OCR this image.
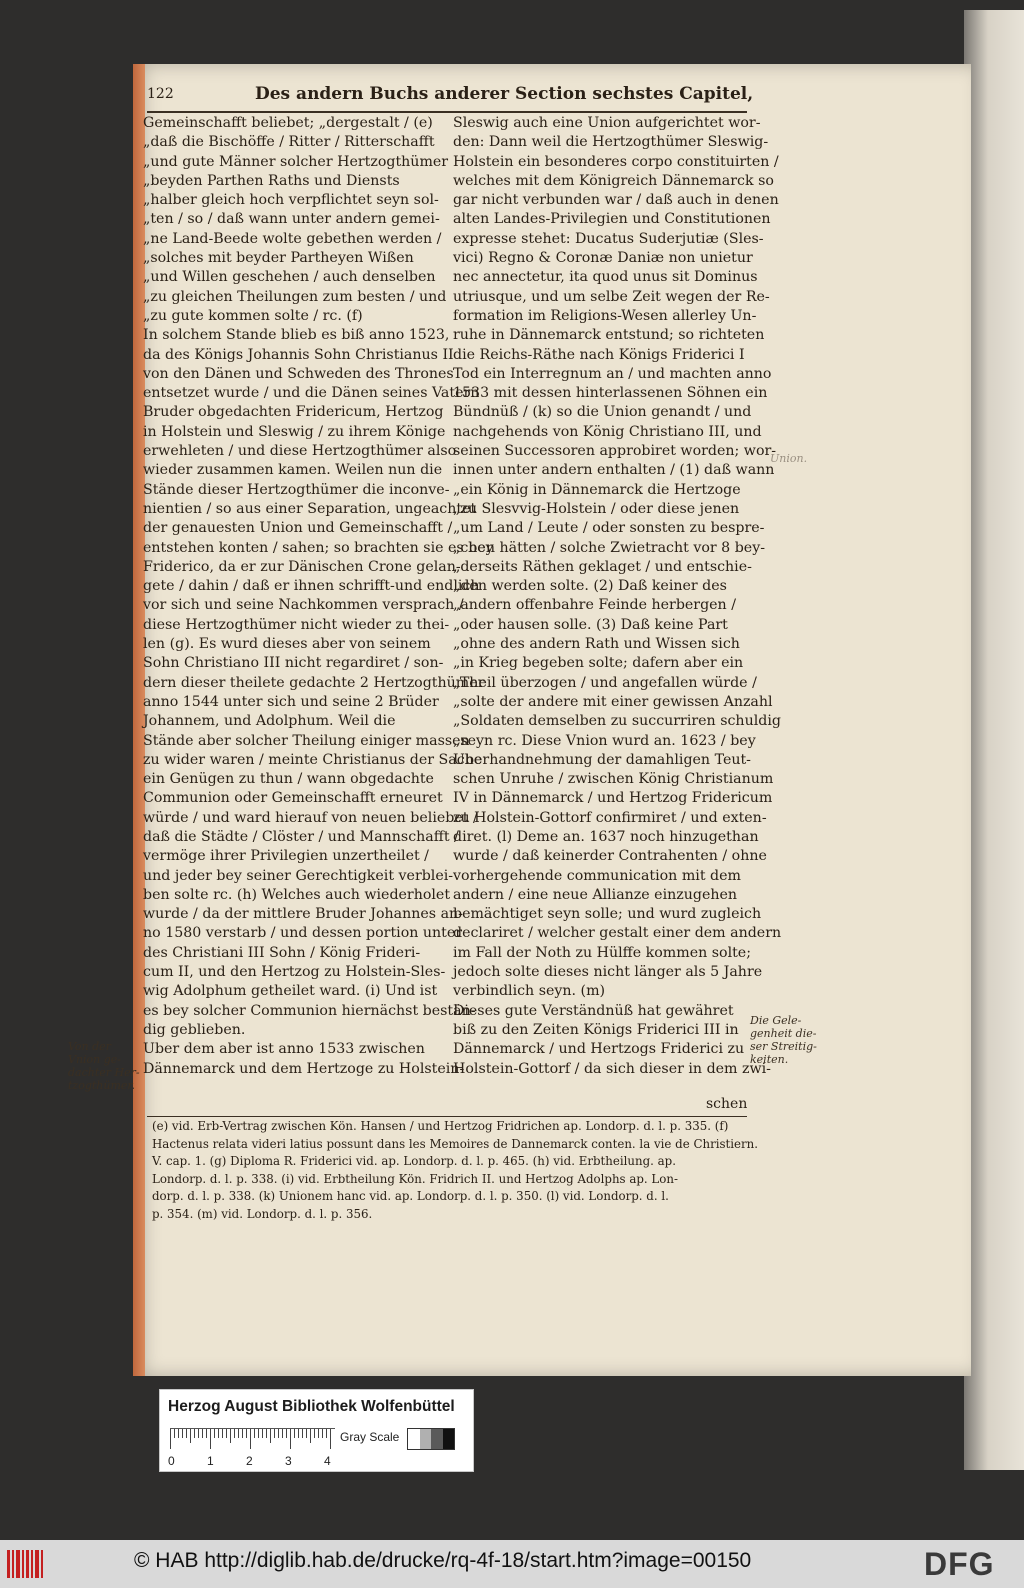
122	Des andern Buchs anderer Section sechstes Capitel,
Gemeinschafft beliebet; „dergestalt / (e)
„daß die Bischöffe / Ritter / Ritterschafft
„und gute Männer solcher Hertzogthümer
„beyden Parthen Raths und Diensts
„halber gleich hoch verpflichtet seyn sol-
„ten / so / daß wann unter andern gemei-
„ne Land-Beede wolte gebethen werden /
„solches mit beyder Partheyen Wißen
„und Willen geschehen / auch denselben
„zu gleichen Theilungen zum besten / und
„zu gute kommen solte / rc. (f)
In solchem Stande blieb es biß anno 1523,
da des Königs Johannis Sohn Christianus II
von den Dänen und Schweden des Thrones
entsetzet wurde / und die Dänen seines Vatern
Bruder obgedachten Fridericum, Hertzog
in Holstein und Sleswig / zu ihrem Könige
erwehleten / und diese Hertzogthümer also
wieder zusammen kamen. Weilen nun die
Stände dieser Hertzogthümer die inconve-
nientien / so aus einer Separation, ungeachtet
der genauesten Union und Gemeinschafft /
entstehen konten / sahen; so brachten sie es bey
Friderico, da er zur Dänischen Crone gelan-
gete / dahin / daß er ihnen schrifft-und endlich
vor sich und seine Nachkommen versprach /
diese Hertzogthümer nicht wieder zu thei-
len (g). Es wurd dieses aber von seinem
Sohn Christiano III nicht regardiret / son-
dern dieser theilete gedachte 2 Hertzogthümer
anno 1544 unter sich und seine 2 Brüder
Johannem, und Adolphum. Weil die
Stände aber solcher Theilung einiger massen
zu wider waren / meinte Christianus der Sache
ein Genügen zu thun / wann obgedachte
Communion oder Gemeinschafft erneuret
würde / und ward hierauf von neuen beliebet /
daß die Städte / Clöster / und Mannschafft /
vermöge ihrer Privilegien unzertheilet /
und jeder bey seiner Gerechtigkeit verblei-
ben solte rc. (h) Welches auch wiederholet
wurde / da der mittlere Bruder Johannes an-
no 1580 verstarb / und dessen portion unter
des Christiani III Sohn / König Frideri-
cum II, und den Hertzog zu Holstein-Sles-
wig Adolphum getheilet ward. (i) Und ist
es bey solcher Communion hiernächst bestän-
dig geblieben.
Uber dem aber ist anno 1533 zwischen
Dännemarck und dem Hertzoge zu Holstein-
Sleswig auch eine Union aufgerichtet wor-
den: Dann weil die Hertzogthümer Sleswig-
Holstein ein besonderes corpo constituirten /
welches mit dem Königreich Dännemarck so
gar nicht verbunden war / daß auch in denen
alten Landes-Privilegien und Constitutionen
expresse stehet: Ducatus Suderjutiæ (Sles-
vici) Regno & Coronæ Daniæ non unietur
nec annectetur, ita quod unus sit Dominus
utriusque, und um selbe Zeit wegen der Re-
formation im Religions-Wesen allerley Un-
ruhe in Dännemarck entstund; so richteten
die Reichs-Räthe nach Königs Friderici I
Tod ein Interregnum an / und machten anno
1533 mit dessen hinterlassenen Söhnen ein
Bündnüß / (k) so die Union genandt / und
nachgehends von König Christiano III, und
seinen Successoren approbiret worden; wor-
innen unter andern enthalten / (1) daß wann
„ein König in Dännemarck die Hertzoge
„zu Slesvvig-Holstein / oder diese jenen
„um Land / Leute / oder sonsten zu bespre-
„chen hätten / solche Zwietracht vor 8 bey-
„derseits Räthen geklaget / und entschie-
„den werden solte. (2) Daß keiner des
„andern offenbahre Feinde herbergen /
„oder hausen solle. (3) Daß keine Part
„ohne des andern Rath und Wissen sich
„in Krieg begeben solte; dafern aber ein
„Theil überzogen / und angefallen würde /
„solte der andere mit einer gewissen Anzahl
„Soldaten demselben zu succurriren schuldig
„seyn rc. Diese Vnion wurd an. 1623 / bey
Uberhandnehmung der damahligen Teut-
schen Unruhe / zwischen König Christianum
IV in Dännemarck / und Hertzog Fridericum
zu Holstein-Gottorf confirmiret / und exten-
diret. (l) Deme an. 1637 noch hinzugethan
wurde / daß keinerder Contrahenten / ohne
vorhergehende communication mit dem
andern / eine neue Allianze einzugehen
bemächtiget seyn solle; und wurd zugleich
declariret / welcher gestalt einer dem andern
im Fall der Noth zu Hülffe kommen solte;
jedoch solte dieses nicht länger als 5 Jahre
verbindlich seyn. (m)
Dieses gute Verständnüß hat gewähret
biß zu den Zeiten Königs Friderici III in
Dännemarck / und Hertzogs Friderici zu
Holstein-Gottorf / da sich dieser in dem zwi-
Union.
Von der
Vnion ge-
dachter Her-
tzogthümer.
Die Gele-
genheit die-
ser Streitig-
keiten.
schen
(e) vid. Erb-Vertrag zwischen Kön. Hansen / und Hertzog Fridrichen ap. Londorp. d. l. p. 335. (f)
Hactenus relata videri latius possunt dans les Memoires de Dannemarck conten. la vie de Christiern.
V. cap. 1. (g) Diploma R. Friderici vid. ap. Londorp. d. l. p. 465. (h) vid. Erbtheilung. ap.
Londorp. d. l. p. 338. (i) vid. Erbtheilung Kön. Fridrich II. und Hertzog Adolphs ap. Lon-
dorp. d. l. p. 338. (k) Unionem hanc vid. ap. Londorp. d. l. p. 350. (l) vid. Londorp. d. l.
p. 354. (m) vid. Londorp. d. l. p. 356.
Herzog August Bibliothek Wolfenbüttel
0	1	2	3	4
Gray Scale
© HAB http://diglib.hab.de/drucke/rq-4f-18/start.htm?image=00150	DFG
